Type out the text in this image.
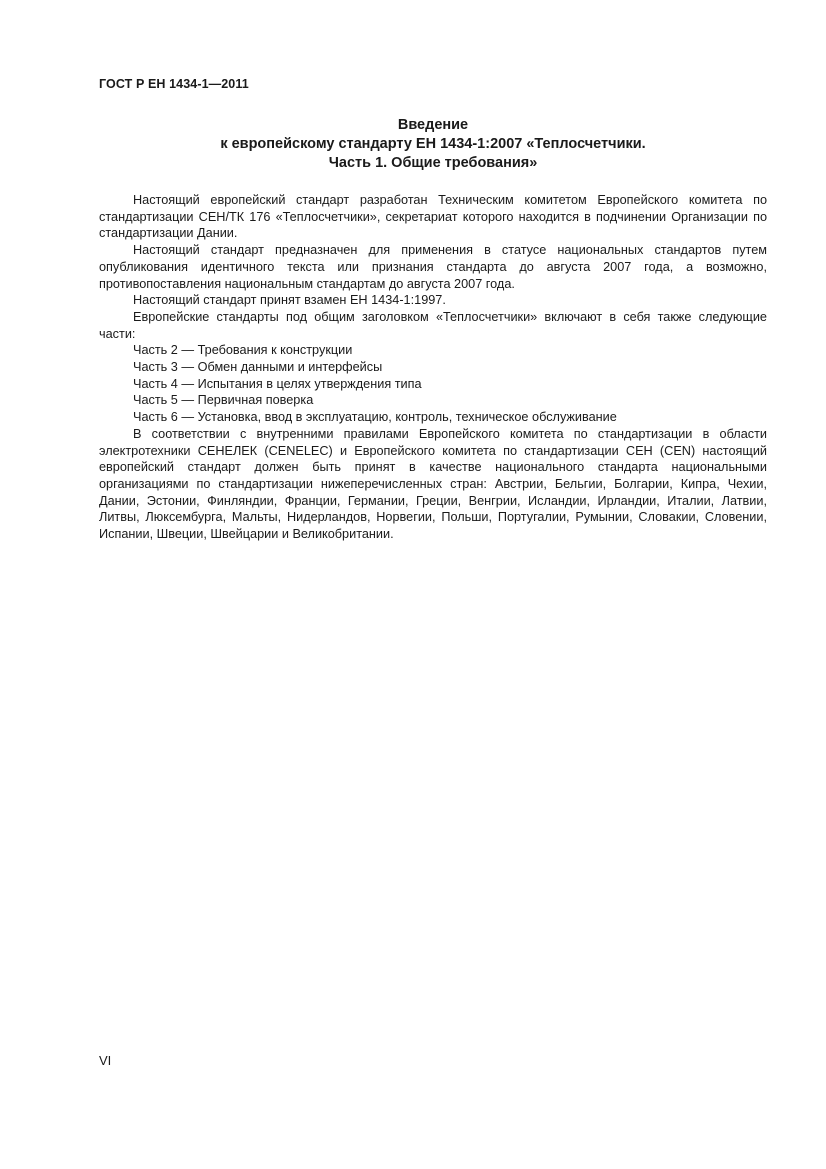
ГОСТ Р ЕН 1434-1—2011
Введение
к европейскому стандарту ЕН 1434-1:2007 «Теплосчетчики.
Часть 1. Общие требования»

Настоящий европейский стандарт разработан Техническим комитетом Европейского комитета по стандартизации СЕН/ТК 176 «Теплосчетчики», секретариат которого находится в подчинении Организации по стандартизации Дании.

Настоящий стандарт предназначен для применения в статусе национальных стандартов путем опубликования идентичного текста или признания стандарта до августа 2007 года, а возможно, противопоставления национальным стандартам до августа 2007 года.

Настоящий стандарт принят взамен ЕН 1434-1:1997.

Европейские стандарты под общим заголовком «Теплосчетчики» включают в себя также следующие части:

Часть 2 — Требования к конструкции

Часть 3 — Обмен данными и интерфейсы

Часть 4 — Испытания в целях утверждения типа

Часть 5 — Первичная поверка

Часть 6 — Установка, ввод в эксплуатацию, контроль, техническое обслуживание

В соответствии с внутренними правилами Европейского комитета по стандартизации в области электротехники СЕНЕЛЕК (CENELEC) и Европейского комитета по стандартизации СЕН (CEN) настоящий европейский стандарт должен быть принят в качестве национального стандарта национальными организациями по стандартизации нижеперечисленных стран: Австрии, Бельгии, Болгарии, Кипра, Чехии, Дании, Эстонии, Финляндии, Франции, Германии, Греции, Венгрии, Исландии, Ирландии, Италии, Латвии, Литвы, Люксембурга, Мальты, Нидерландов, Норвегии, Польши, Португалии, Румынии, Словакии, Словении, Испании, Швеции, Швейцарии и Великобритании.

VI
